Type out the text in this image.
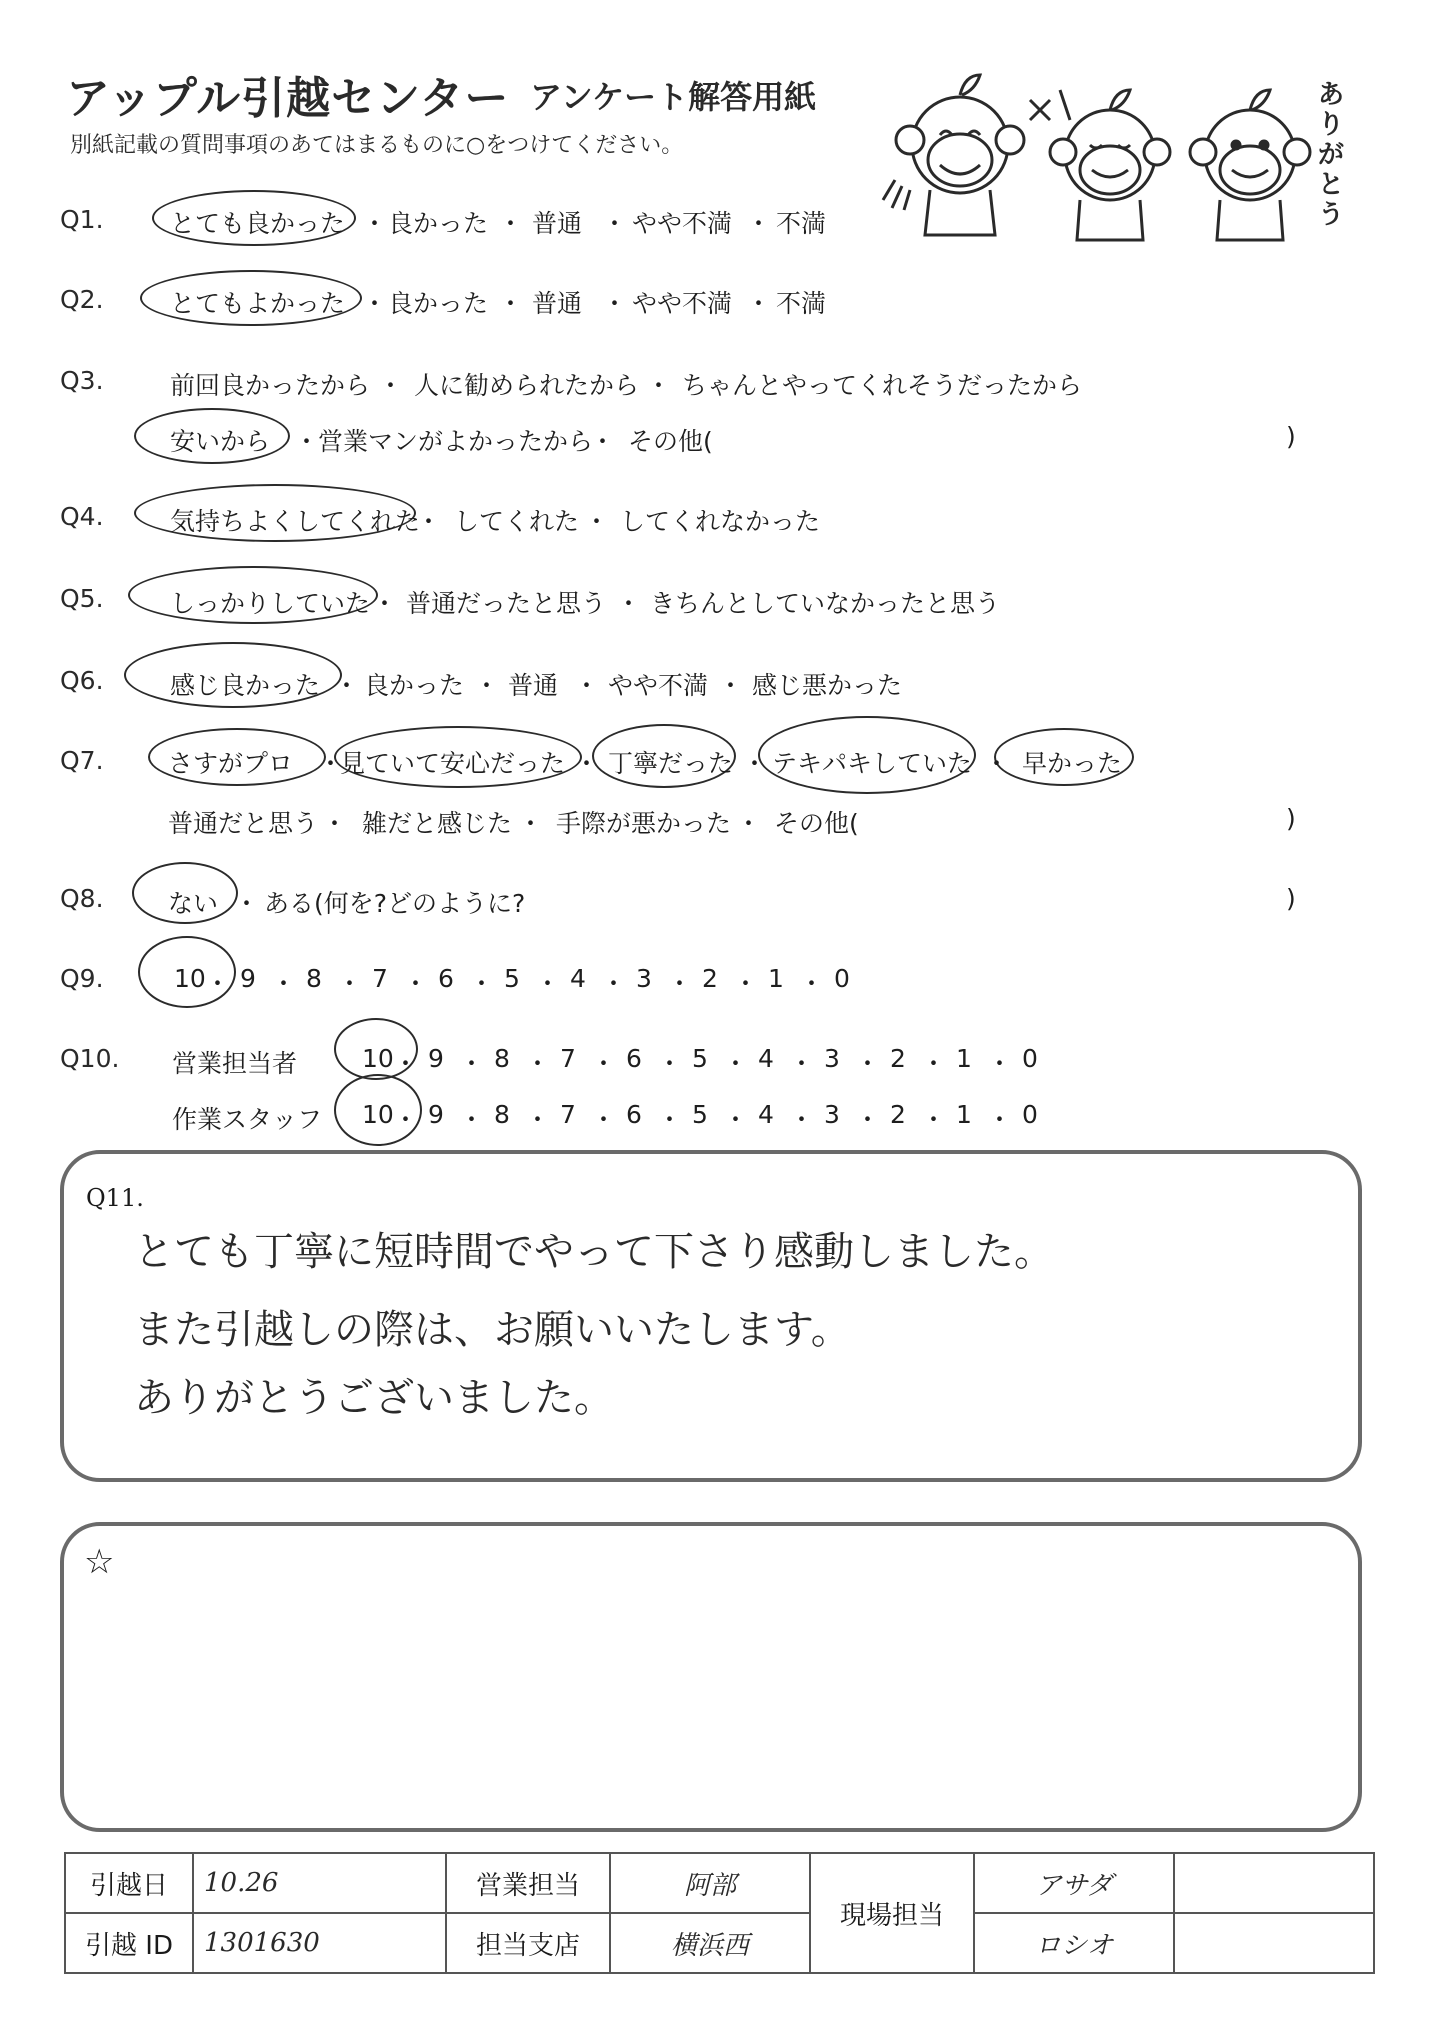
アップル引越センター アンケート解答用紙
別紙記載の質問事項のあてはまるものに○をつけてください。
ありがとう
Q1.	とても良かった ・ 良かった ・ 普通 ・ やや不満 ・ 不満
Q2.	とてもよかった ・ 良かった ・ 普通 ・ やや不満 ・ 不満
Q3.	前回良かったから ・ 人に勧められたから ・ ちゃんとやってくれそうだったから
安いから ・
営業マンがよかったから
・ その他(	)
Q4.	気持ちよくしてくれた
・ してくれた ・ してくれなかった
Q5.	しっかりしていた ・ 普通だったと思う ・ きちんとしていなかったと思う
Q6.	感じ良かった ・ 良かった ・ 普通 ・ やや不満 ・ 感じ悪かった
Q7.	さすがプロ ・
見ていて安心だった ・ 丁寧だった ・ テキパキしていた ・ 早かった
普通だと思う ・ 雑だと感じた ・ 手際が悪かった ・ その他(	)
Q8.	ない ・ ある(何を?どのように?	)
Q9.	10 ・ 9 ・ 8 ・ 7 ・ 6 ・ 5 ・ 4 ・ 3 ・ 2 ・ 1 ・ 0
Q10. 営業担当者	10 ・ 9 ・ 8 ・ 7 ・ 6 ・ 5 ・ 4 ・ 3 ・ 2 ・ 1 ・ 0
作業スタッフ 10 ・ 9 ・ 8 ・ 7 ・ 6 ・ 5 ・ 4 ・ 3 ・ 2 ・ 1 ・ 0
Q11.
とても丁寧に短時間でやって下さり感動しました。
また引越しの際は、お願いいたします。
ありがとうございました。
☆
引越日	10.26	営業担当	阿部	現場担当	アサダ	
引越 ID	1301630	担当支店	横浜西		ロシオ	
